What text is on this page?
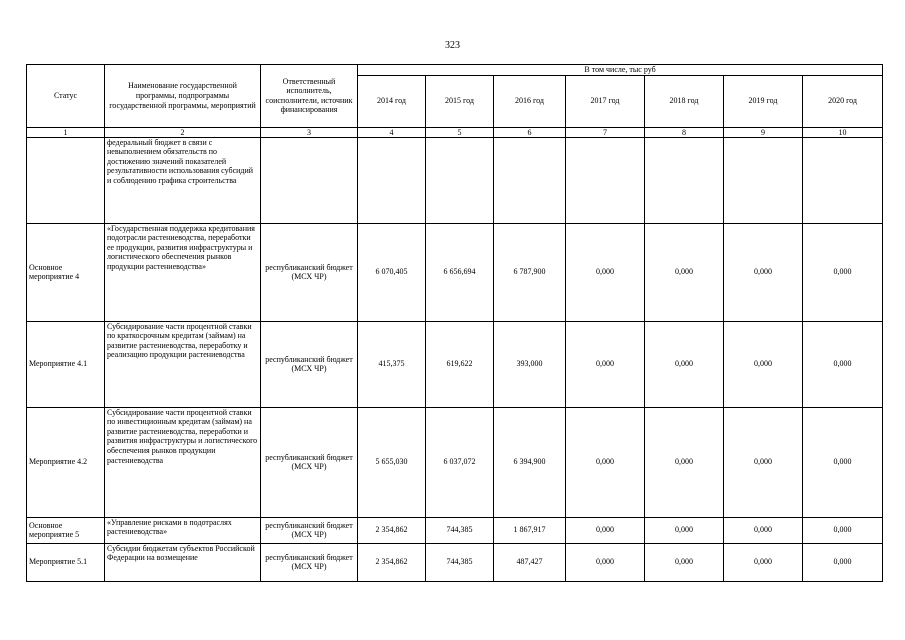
323
Статус	Наименование государственной программы, подпрограммы государственной программы, мероприятий	Ответственный исполнитель, соисполнители, источник финансирования	В том числе, тыс руб						
			2014 год	2015 год	2016 год	2017 год	2018 год	2019 год	2020 год
1	2	3	4	5	6	7	8	9	10
	федеральный бюджет в связи с невыполнением обязательств по достижению значений показателей результативности использования субсидий и соблюдению графика строительства								
Основное мероприятие 4	«Государственная поддержка кредитования подотрасли растениеводства, переработки ее продукции, развития инфраструктуры и логистического обеспечения рынков продукции растениеводства»	республиканский бюджет (МСХ ЧР)	6 070,405	6 656,694	6 787,900	0,000	0,000	0,000	0,000
Мероприятие 4.1	Субсидирование части процентной ставки по краткосрочным кредитам (займам) на развитие растениеводства, переработку и реализацию продукции растениеводства	республиканский бюджет (МСХ ЧР)	415,375	619,622	393,000	0,000	0,000	0,000	0,000
Мероприятие 4.2	Субсидирование части процентной ставки по инвестиционным кредитам (займам) на развитие растениеводства, переработки и развития инфраструктуры и логистического обеспечения рынков продукции растениеводства	республиканский бюджет (МСХ ЧР)	5 655,030	6 037,072	6 394,900	0,000	0,000	0,000	0,000
Основное мероприятие 5	«Управление рисками в подотраслях растениеводства»	республиканский бюджет (МСХ ЧР)	2 354,862	744,385	1 867,917	0,000	0,000	0,000	0,000
Мероприятие 5.1	Субсидии бюджетам субъектов Российской Федерации на возмещение	республиканский бюджет (МСХ ЧР)	2 354,862	744,385	487,427	0,000	0,000	0,000	0,000
